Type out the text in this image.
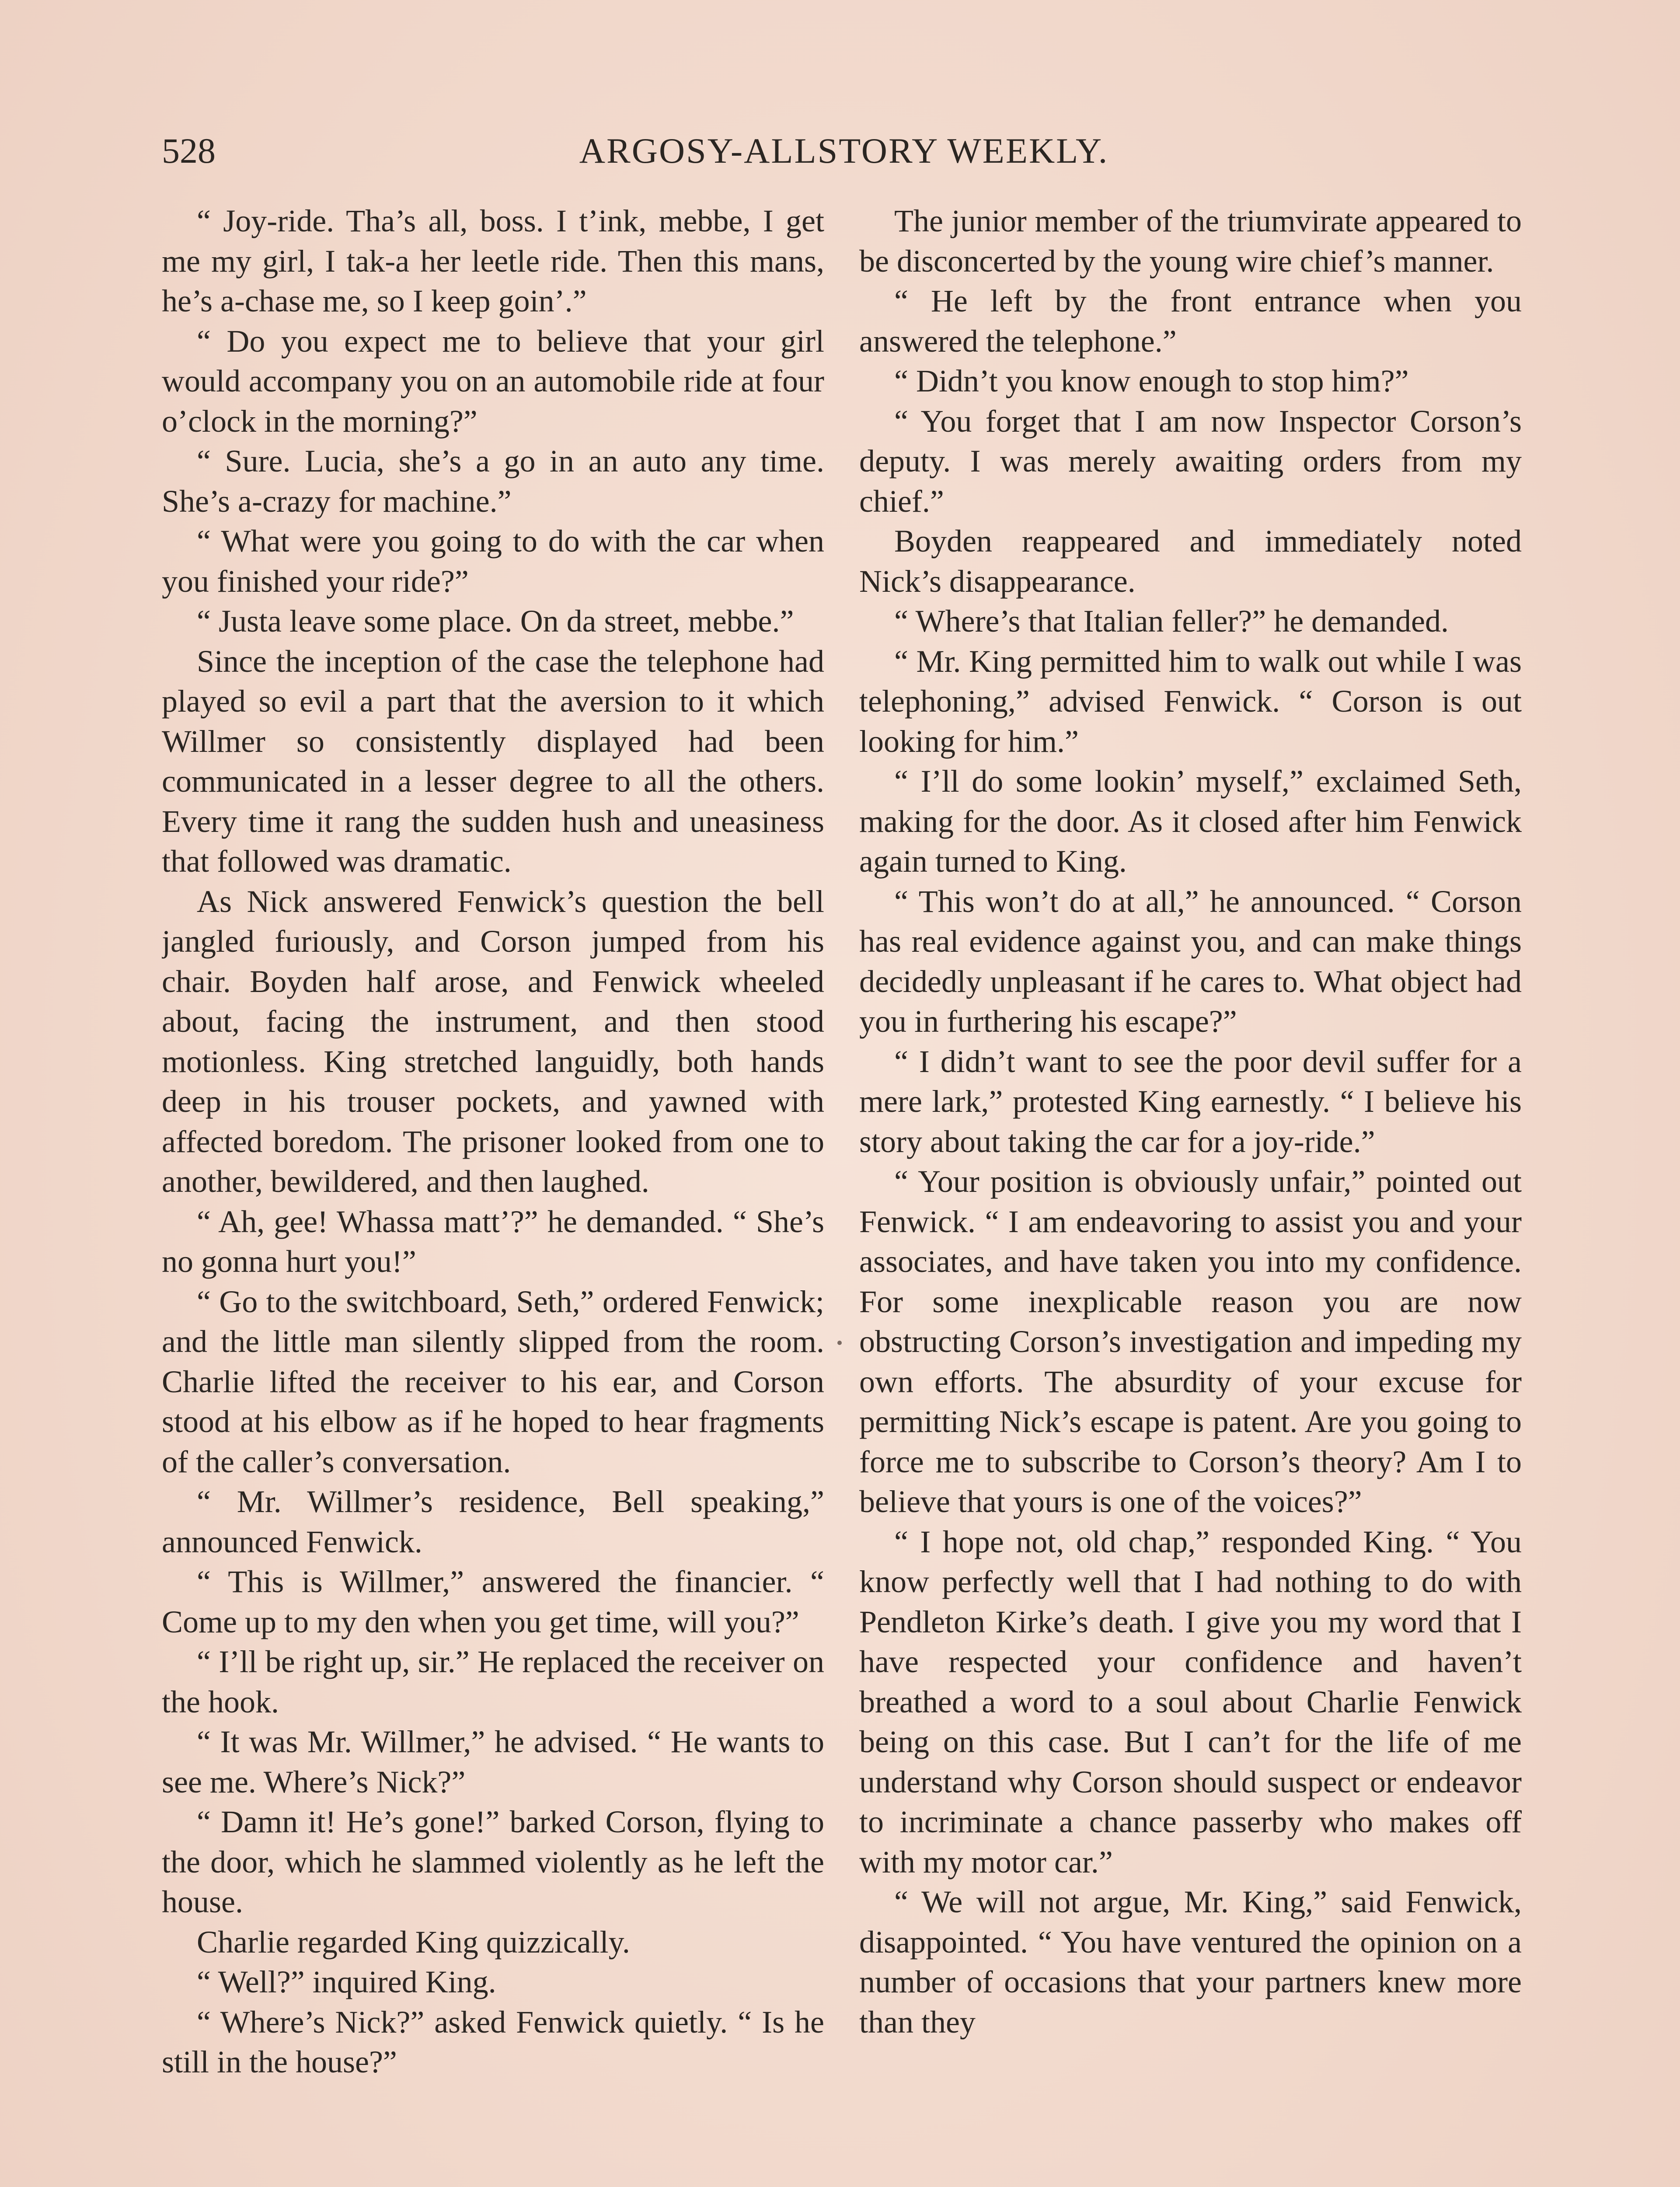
528	ARGOSY-ALLSTORY WEEKLY.

“ Joy-ride. Tha’s all, boss. I t’ink, mebbe, I get me my girl, I tak-a her leetle ride. Then this mans, he’s a-chase me, so I keep goin’.”

“ Do you expect me to believe that your girl would accompany you on an automobile ride at four o’clock in the morning?”

“ Sure. Lucia, she’s a go in an auto any time. She’s a-crazy for machine.”

“ What were you going to do with the car when you finished your ride?”

“ Justa leave some place. On da street, mebbe.”

Since the inception of the case the telephone had played so evil a part that the aversion to it which Willmer so consistently displayed had been communicated in a lesser degree to all the others. Every time it rang the sudden hush and uneasiness that followed was dramatic.

As Nick answered Fenwick’s question the bell jangled furiously, and Corson jumped from his chair. Boyden half arose, and Fenwick wheeled about, facing the instrument, and then stood motionless. King stretched languidly, both hands deep in his trouser pockets, and yawned with affected boredom. The prisoner looked from one to another, bewildered, and then laughed.

“ Ah, gee! Whassa matt’?” he demanded. “ She’s no gonna hurt you!”

“ Go to the switchboard, Seth,” ordered Fenwick; and the little man silently slipped from the room. Charlie lifted the receiver to his ear, and Corson stood at his elbow as if he hoped to hear fragments of the caller’s conversation.

“ Mr. Willmer’s residence, Bell speaking,” announced Fenwick.

“ This is Willmer,” answered the financier. “ Come up to my den when you get time, will you?”

“ I’ll be right up, sir.” He replaced the receiver on the hook.

“ It was Mr. Willmer,” he advised. “ He wants to see me. Where’s Nick?”

“ Damn it! He’s gone!” barked Corson, flying to the door, which he slammed violently as he left the house.

Charlie regarded King quizzically.

“ Well?” inquired King.

“ Where’s Nick?” asked Fenwick quietly. “ Is he still in the house?”

The junior member of the triumvirate appeared to be disconcerted by the young wire chief’s manner.

“ He left by the front entrance when you answered the telephone.”

“ Didn’t you know enough to stop him?”

“ You forget that I am now Inspector Corson’s deputy. I was merely awaiting orders from my chief.”

Boyden reappeared and immediately noted Nick’s disappearance.

“ Where’s that Italian feller?” he demanded.

“ Mr. King permitted him to walk out while I was telephoning,” advised Fenwick. “ Corson is out looking for him.”

“ I’ll do some lookin’ myself,” exclaimed Seth, making for the door. As it closed after him Fenwick again turned to King.

“ This won’t do at all,” he announced. “ Corson has real evidence against you, and can make things decidedly unpleasant if he cares to. What object had you in furthering his escape?”

“ I didn’t want to see the poor devil suffer for a mere lark,” protested King earnestly. “ I believe his story about taking the car for a joy-ride.”

“ Your position is obviously unfair,” pointed out Fenwick. “ I am endeavoring to assist you and your associates, and have taken you into my confidence. For some inexplicable reason you are now obstructing Corson’s investigation and impeding my own efforts. The absurdity of your excuse for permitting Nick’s escape is patent. Are you going to force me to subscribe to Corson’s theory? Am I to believe that yours is one of the voices?”

“ I hope not, old chap,” responded King. “ You know perfectly well that I had nothing to do with Pendleton Kirke’s death. I give you my word that I have respected your confidence and haven’t breathed a word to a soul about Charlie Fenwick being on this case. But I can’t for the life of me understand why Corson should suspect or endeavor to incriminate a chance passerby who makes off with my motor car.”

“ We will not argue, Mr. King,” said Fenwick, disappointed. “ You have ventured the opinion on a number of occasions that your partners knew more than they
